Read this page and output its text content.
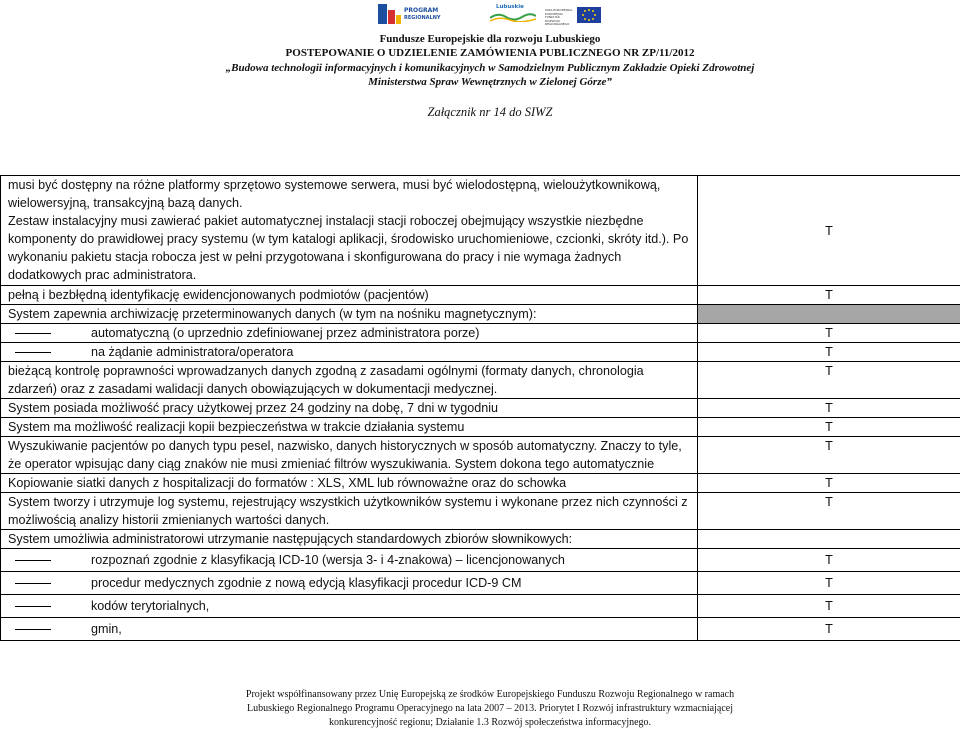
PROGRAM
REGIONALNY
Lubuskie	UNIA EUROPEJSKA EUROPEJSKI FUNDUSZ ROZWOJU REGIONALNEGO
Fundusze Europejskie dla rozwoju Lubuskiego
POSTEPOWANIE O UDZIELENIE ZAMÓWIENIA PUBLICZNEGO NR ZP/11/2012
„Budowa technologii informacyjnych i komunikacyjnych w Samodzielnym Publicznym Zakładzie Opieki Zdrowotnej
Ministerstwa Spraw Wewnętrznych w Zielonej Górze”
Załącznik nr 14 do SIWZ
musi być dostępny na różne platformy sprzętowo systemowe serwera, musi być wielodostępną, wielоużytkownikową, wielowersyjną, transakcyjną bazą danych.
Zestaw instalacyjny musi zawierać pakiet automatycznej instalacji stacji roboczej obejmujący wszystkie niezbędne komponenty do prawidłowej pracy systemu (w tym katalogi aplikacji, środowisko uruchomieniowe, czcionki, skróty itd.). Po wykonaniu pakietu stacja robocza jest w pełni przygotowana i skonfigurowana do pracy i nie wymaga żadnych dodatkowych prac administratora.	T
pełną i bezbłędną identyfikację ewidencjonowanych podmiotów (pacjentów)	T
System zapewnia archiwizację przeterminowanych danych (w tym na nośniku magnetycznym):	
automatyczną (o uprzednio zdefiniowanej przez administratora porze)	T
na żądanie administratora/operatora	T
bieżącą kontrolę poprawności wprowadzanych danych zgodną z zasadami ogólnymi (formaty danych, chronologia zdarzeń) oraz z zasadami walidacji danych obowiązujących w dokumentacji medycznej.	T
System posiada możliwość pracy użytkowej przez 24 godziny na dobę, 7 dni w tygodniu	T
System ma możliwość realizacji kopii bezpieczeństwa w trakcie działania systemu	T
Wyszukiwanie pacjentów po danych typu pesel, nazwisko, danych historycznych w sposób automatyczny. Znaczy to tyle, że operator wpisując dany ciąg znaków nie musi zmieniać filtrów wyszukiwania. System dokona tego automatycznie	T
Kopiowanie siatki danych z hospitalizacji do formatów : XLS, XML lub równoważne oraz do schowka	T
System tworzy i utrzymuje log systemu, rejestrujący wszystkich użytkowników systemu i wykonane przez nich czynności z możliwością analizy historii zmienianych wartości danych.	T
System umożliwia administratorowi utrzymanie następujących standardowych zbiorów słownikowych:	
rozpoznań zgodnie z klasyfikacją ICD-10 (wersja 3- i 4-znakowa) – licencjonowanych	T
procedur medycznych zgodnie z nową edycją klasyfikacji procedur ICD-9 CM	T
kodów terytorialnych,	T
gmin,	T
Projekt współfinansowany przez Unię Europejską ze środków Europejskiego Funduszu Rozwoju Regionalnego w ramach
Lubuskiego Regionalnego Programu Operacyjnego na lata 2007 – 2013. Priorytet I Rozwój infrastruktury wzmacniającej
konkurencyjność regionu; Działanie 1.3 Rozwój społeczeństwa informacyjnego.
